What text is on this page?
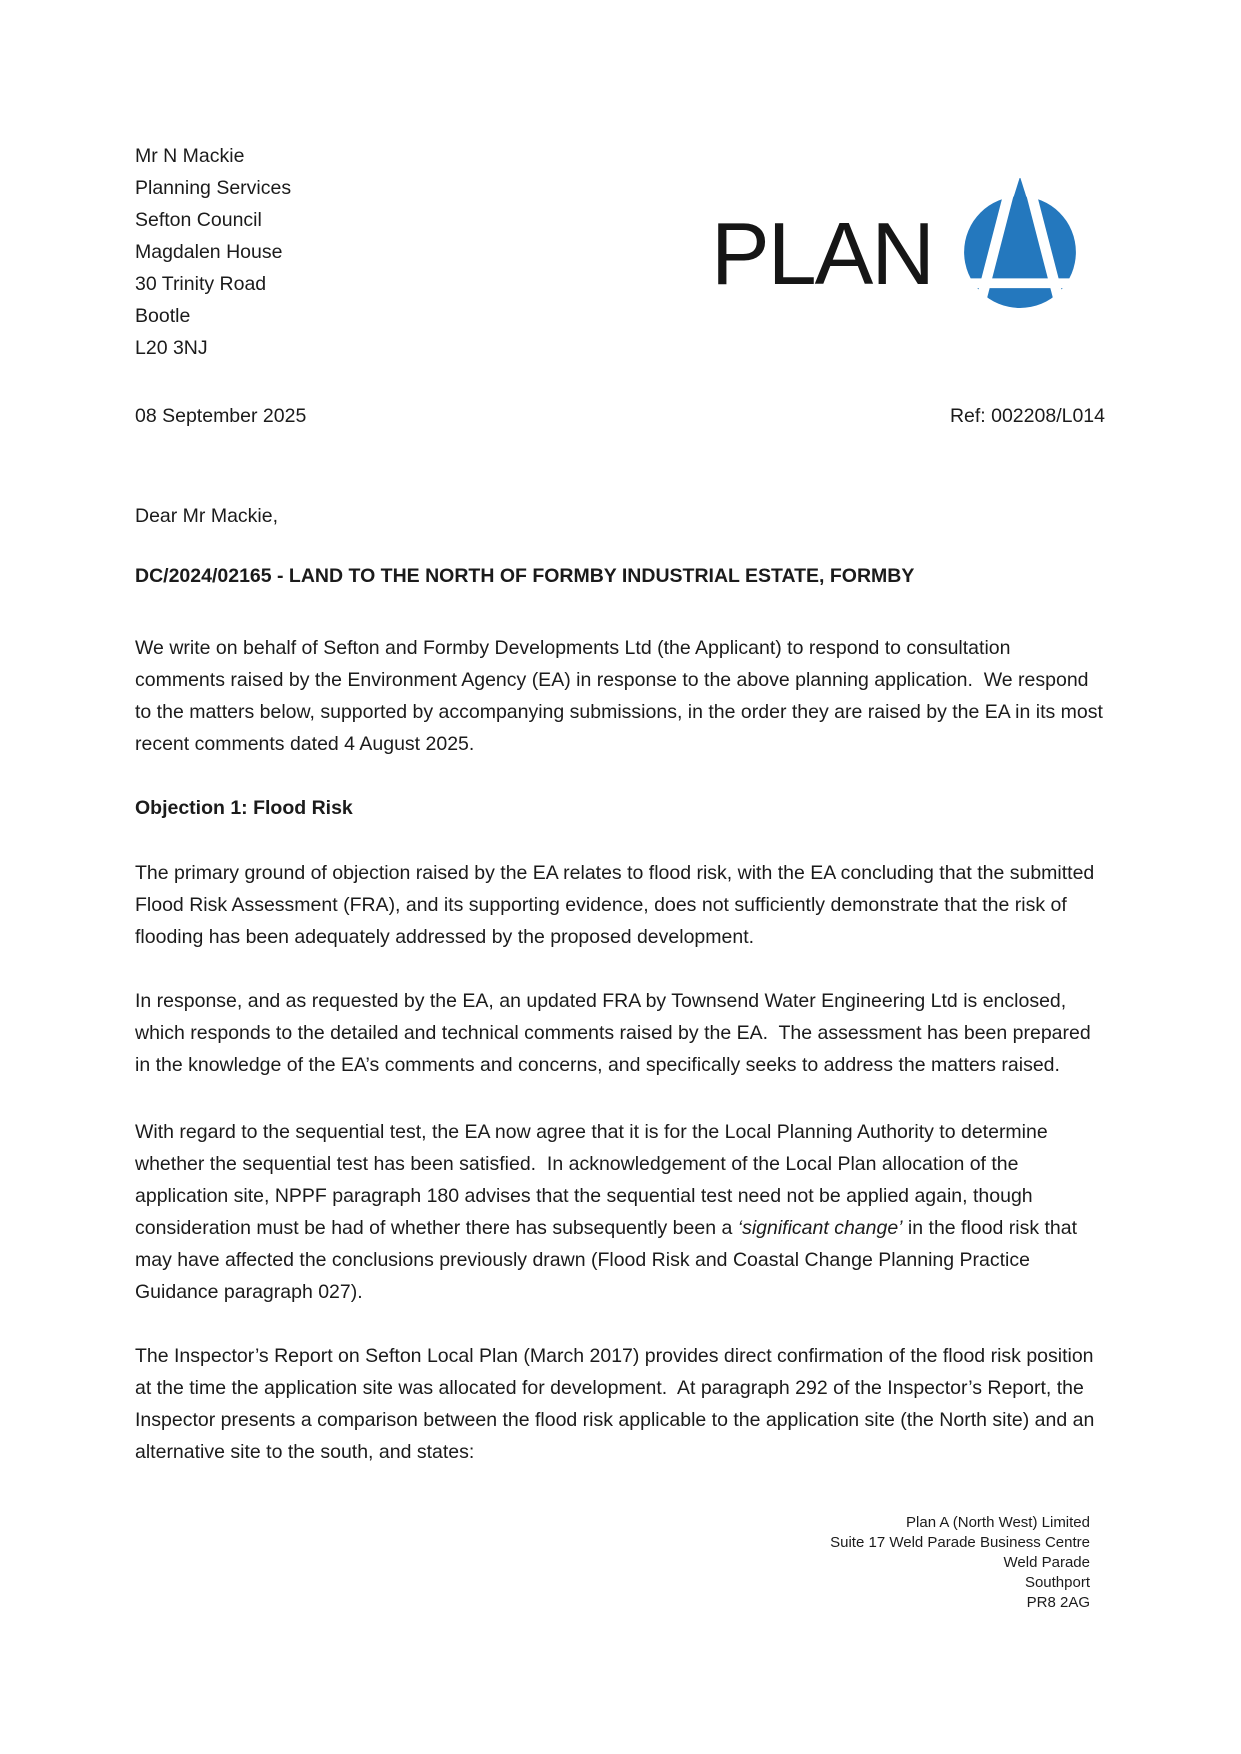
PLAN
Mr N Mackie
Planning Services
Sefton Council
Magdalen House
30 Trinity Road
Bootle
L20 3NJ
08 September 2025	Ref: 002208/L014

Dear Mr Mackie,

DC/2024/02165 - LAND TO THE NORTH OF FORMBY INDUSTRIAL ESTATE, FORMBY

We write on behalf of Sefton and Formby Developments Ltd (the Applicant) to respond to consultation comments raised by the Environment Agency (EA) in response to the above planning application.  We respond to the matters below, supported by accompanying submissions, in the order they are raised by the EA in its most recent comments dated 4 August 2025.

Objection 1: Flood Risk

The primary ground of objection raised by the EA relates to flood risk, with the EA concluding that the submitted Flood Risk Assessment (FRA), and its supporting evidence, does not sufficiently demonstrate that the risk of flooding has been adequately addressed by the proposed development.

In response, and as requested by the EA, an updated FRA by Townsend Water Engineering Ltd is enclosed, which responds to the detailed and technical comments raised by the EA.  The assessment has been prepared in the knowledge of the EA’s comments and concerns, and specifically seeks to address the matters raised.

With regard to the sequential test, the EA now agree that it is for the Local Planning Authority to determine whether the sequential test has been satisfied.  In acknowledgement of the Local Plan allocation of the application site, NPPF paragraph 180 advises that the sequential test need not be applied again, though consideration must be had of whether there has subsequently been a ‘significant change’ in the flood risk that may have affected the conclusions previously drawn (Flood Risk and Coastal Change Planning Practice Guidance paragraph 027).

The Inspector’s Report on Sefton Local Plan (March 2017) provides direct confirmation of the flood risk position at the time the application site was allocated for development.  At paragraph 292 of the Inspector’s Report, the Inspector presents a comparison between the flood risk applicable to the application site (the North site) and an alternative site to the south, and states:

Plan A (North West) Limited
Suite 17 Weld Parade Business Centre
Weld Parade
Southport
PR8 2AG
